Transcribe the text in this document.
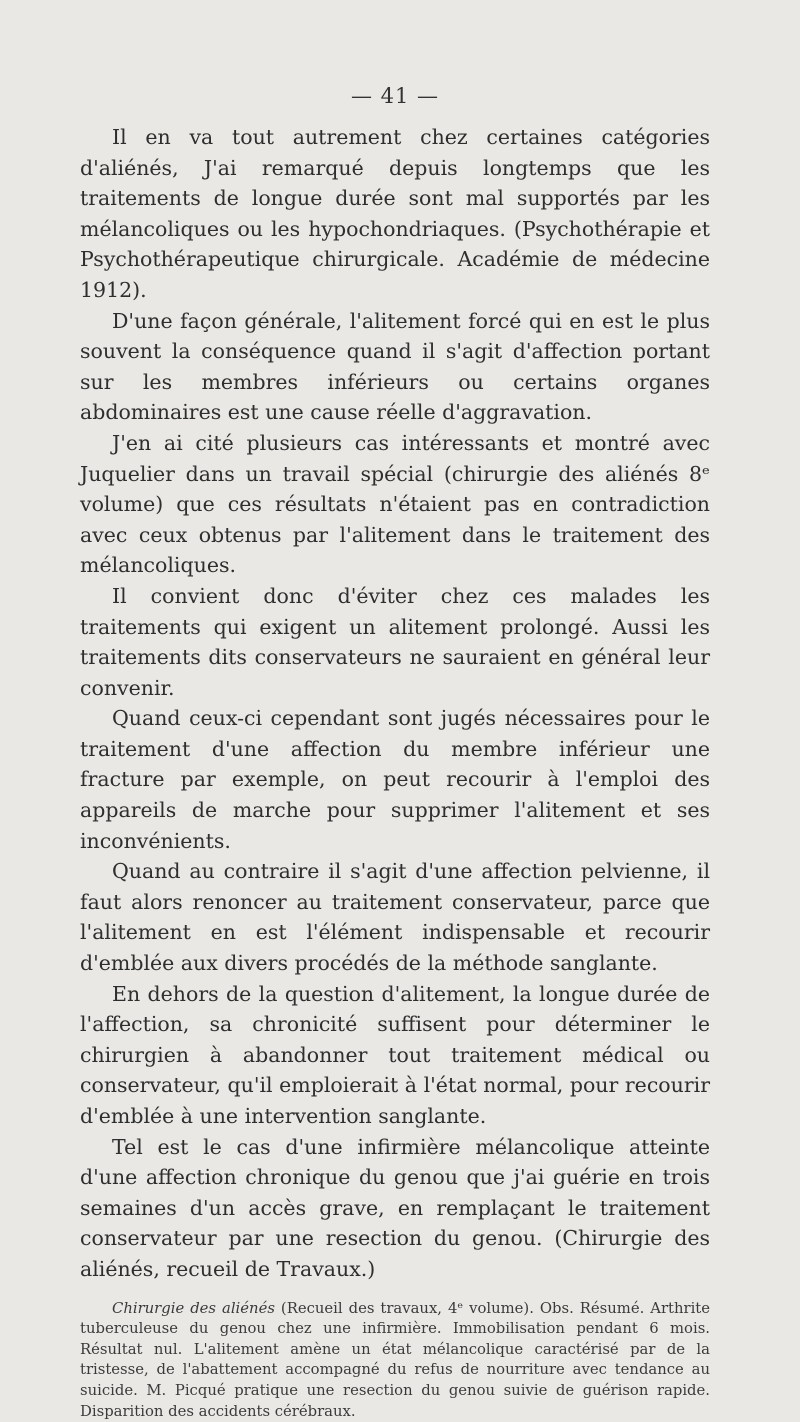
— 41 —

Il en va tout autrement chez certaines catégories d'aliénés, J'ai remarqué depuis longtemps que les traitements de longue durée sont mal supportés par les mélancoliques ou les hypochondriaques. (Psychothérapie et Psychothérapeutique chirurgicale. Académie de médecine 1912).

D'une façon générale, l'alitement forcé qui en est le plus souvent la conséquence quand il s'agit d'affection portant sur les membres inférieurs ou certains organes abdominaires est une cause réelle d'aggravation.

J'en ai cité plusieurs cas intéressants et montré avec Juquelier dans un travail spécial (chirurgie des aliénés 8ᵉ volume) que ces résultats n'étaient pas en contradiction avec ceux obtenus par l'alitement dans le traitement des mélancoliques.

Il convient donc d'éviter chez ces malades les traitements qui exigent un alitement prolongé. Aussi les traitements dits conservateurs ne sauraient en général leur convenir.

Quand ceux-ci cependant sont jugés nécessaires pour le traitement d'une affection du membre inférieur une fracture par exemple, on peut recourir à l'emploi des appareils de marche pour supprimer l'alitement et ses inconvénients.

Quand au contraire il s'agit d'une affection pelvienne, il faut alors renoncer au traitement conservateur, parce que l'alitement en est l'élément indispensable et recourir d'emblée aux divers procédés de la méthode sanglante.

En dehors de la question d'alitement, la longue durée de l'affection, sa chronicité suffisent pour déterminer le chirurgien à abandonner tout traitement médical ou conservateur, qu'il emploierait à l'état normal, pour recourir d'emblée à une intervention sanglante.

Tel est le cas d'une infirmière mélancolique atteinte d'une affection chronique du genou que j'ai guérie en trois semaines d'un accès grave, en remplaçant le traitement conservateur par une resection du genou. (Chirurgie des aliénés, recueil de Travaux.)

Chirurgie des aliénés (Recueil des travaux, 4ᵉ volume). Obs. Résumé. Arthrite tuberculeuse du genou chez une infirmière. Immobilisation pendant 6 mois. Résultat nul. L'alitement amène un état mélancolique caractérisé par de la tristesse, de l'abattement accompagné du refus de nourriture avec tendance au suicide. M. Picqué pratique une resection du genou suivie de guérison rapide. Disparition des accidents cérébraux.
